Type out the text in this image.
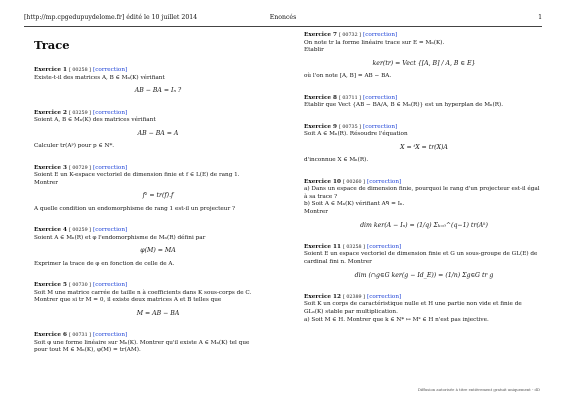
[http://mp.cpgedupuydelome.fr] édité le 10 juillet 2014	Enoncés	1
Trace
Exercice 1 [ 00258 ] [correction]
Existe-t-il des matrices A, B ∈ Mₙ(K) vérifiant
AB − BA = Iₙ ?
Exercice 2 [ 03259 ] [correction]
Soient A, B ∈ Mₙ(K) des matrices vérifiant
AB − BA = A
Calculer tr(Aᵖ) pour p ∈ N*.
Exercice 3 [ 00729 ] [correction]
Soient E un K-espace vectoriel de dimension finie et f ∈ L(E) de rang 1.
Montrer
f² = tr(f).f
A quelle condition un endomorphisme de rang 1 est-il un projecteur ?
Exercice 4 [ 00259 ] [correction]
Soient A ∈ Mₙ(R) et φ l'endomorphisme de Mₙ(R) défini par
φ(M) = MA
Exprimer la trace de φ en fonction de celle de A.
Exercice 5 [ 00730 ] [correction]
Soit M une matrice carrée de taille n à coefficients dans K sous-corps de C.
Montrer que si tr M = 0, il existe deux matrices A et B telles que
M = AB − BA
Exercice 6 [ 00731 ] [correction]
Soit φ une forme linéaire sur Mₙ(K). Montrer qu'il existe A ∈ Mₙ(K) tel que
pour tout M ∈ Mₙ(K), φ(M) = tr(AM).
Exercice 7 [ 00732 ] [correction]
On note tr la forme linéaire trace sur E = Mₙ(K).
Etablir
ker(tr) = Vect {[A, B] / A, B ∈ E}
où l'on note [A, B] = AB − BA.
Exercice 8 [ 03711 ] [correction]
Etablir que Vect {AB − BA/A, B ∈ Mₙ(R)} est un hyperplan de Mₙ(R).
Exercice 9 [ 00735 ] [correction]
Soit A ∈ Mₙ(R). Résoudre l'équation
X = ᵗX = tr(X)A
d'inconnue X ∈ Mₙ(R).
Exercice 10 [ 00260 ] [correction]
a) Dans un espace de dimension finie, pourquoi le rang d'un projecteur est-il égal
à sa trace ?
b) Soit A ∈ Mₙ(K) vérifiant Aᑫ = Iₙ.
Montrer
dim ker(A − Iₙ) = (1/q) Σₖ₌₀^(q−1) tr(Aᵏ)
Exercice 11 [ 03258 ] [correction]
Soient E un espace vectoriel de dimension finie et G un sous-groupe de GL(E) de
cardinal fini n. Montrer
dim (∩g∈G ker(g − Id_E)) = (1/n) Σg∈G tr g
Exercice 12 [ 02389 ] [correction]
Soit K un corps de caractéristique nulle et H une partie non vide et finie de
GLₙ(K) stable par multiplication.
a) Soit M ∈ H. Montrer que k ∈ N* ↦ Mᵏ ∈ H n'est pas injective.
Diffusion autorisée à titre entièrement gratuit uniquement - dD
